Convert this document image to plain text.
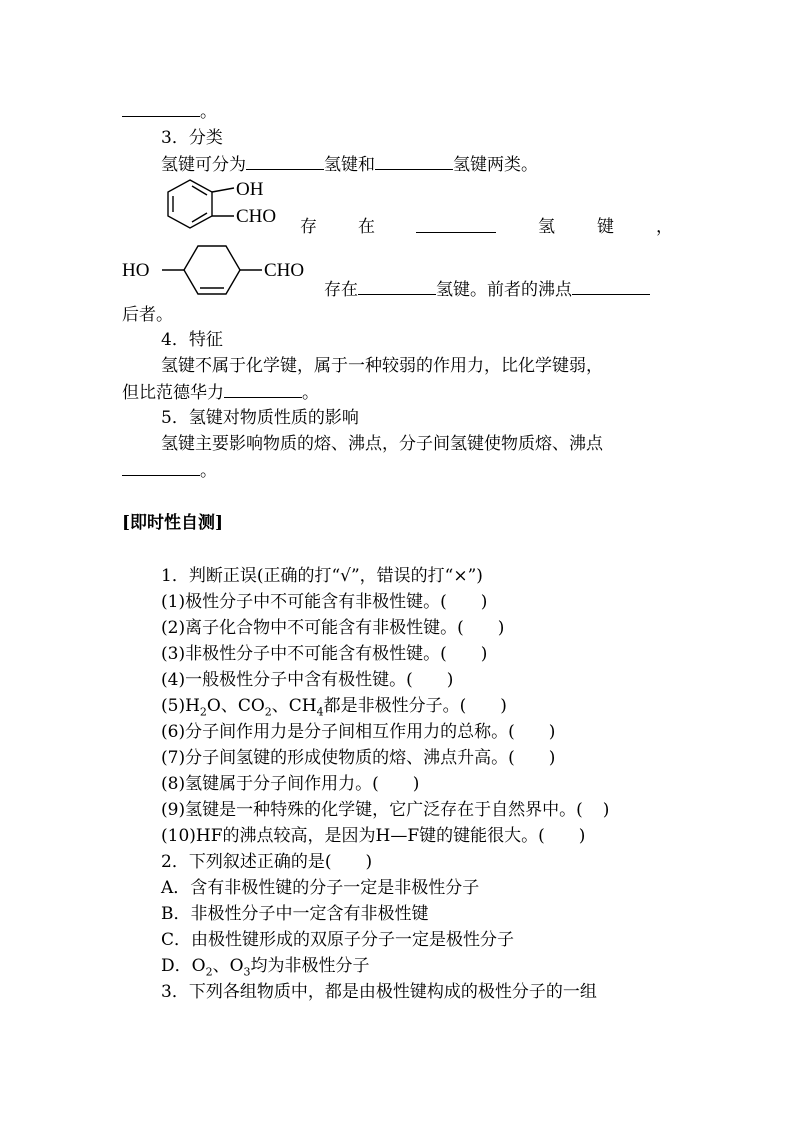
。
3．分类
氢键可分为	氢键和	氢键两类。
OH
CHO 存 在	氢 键 ，
HO	CHO
存在	氢键。前者的沸点
后者。
4．特征
氢键不属于化学键，属于一种较弱的作用力，比化学键弱，
但比范德华力	。
5．氢键对物质性质的影响
氢键主要影响物质的熔、沸点，分子间氢键使物质熔、沸点
。
[即时性自测]
1．判断正误(正确的打“√”，错误的打“×”)
(1)极性分子中不可能含有非极性键。( )
(2)离子化合物中不可能含有非极性键。( )
(3)非极性分子中不可能含有极性键。( )
(4)一般极性分子中含有极性键。( )
$(5)H_2O$、$CO_2$、$CH_4$都是非极性分子。( )
(6)分子间作用力是分子间相互作用力的总称。( )
(7)分子间氢键的形成使物质的熔、沸点升高。( )
(8)氢键属于分子间作用力。( )
(9)氢键是一种特殊的化学键，它广泛存在于自然界中。( )
(10)HF的沸点较高，是因为H—F键的键能很大。( )
2．下列叙述正确的是( )
A．含有非极性键的分子一定是非极性分子
B．非极性分子中一定含有非极性键
C．由极性键形成的双原子分子一定是极性分子
D．$O_2$、$O_3$均为非极性分子
3．下列各组物质中，都是由极性键构成的极性分子的一组
